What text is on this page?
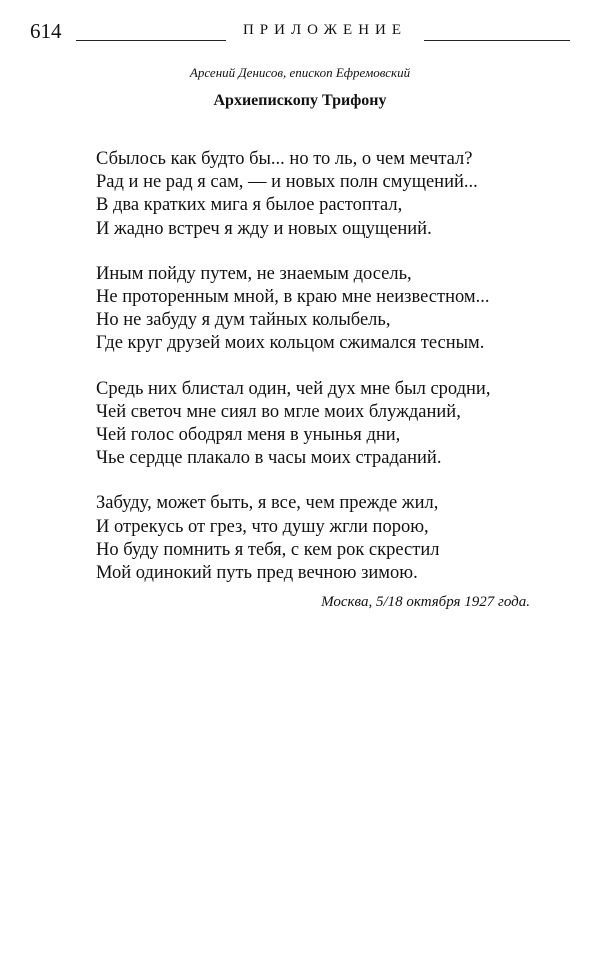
614	ПРИЛОЖЕНИЕ
Арсений Денисов, епископ Ефремовский
Архиепископу Трифону
Сбылось как будто бы... но то ль, о чем мечтал?
Рад и не рад я сам, — и новых полн смущений...
В два кратких мига я былое растоптал,
И жадно встреч я жду и новых ощущений.
Иным пойду путем, не знаемым досель,
Не проторенным мной, в краю мне неизвестном...
Но не забуду я дум тайных колыбель,
Где круг друзей моих кольцом сжимался тесным.
Средь них блистал один, чей дух мне был сродни,
Чей светоч мне сиял во мгле моих блужданий,
Чей голос ободрял меня в унынья дни,
Чье сердце плакало в часы моих страданий.
Забуду, может быть, я все, чем прежде жил,
И отрекусь от грез, что душу жгли порою,
Но буду помнить я тебя, с кем рок скрестил
Мой одинокий путь пред вечною зимою.
Москва, 5/18 октября 1927 года.
